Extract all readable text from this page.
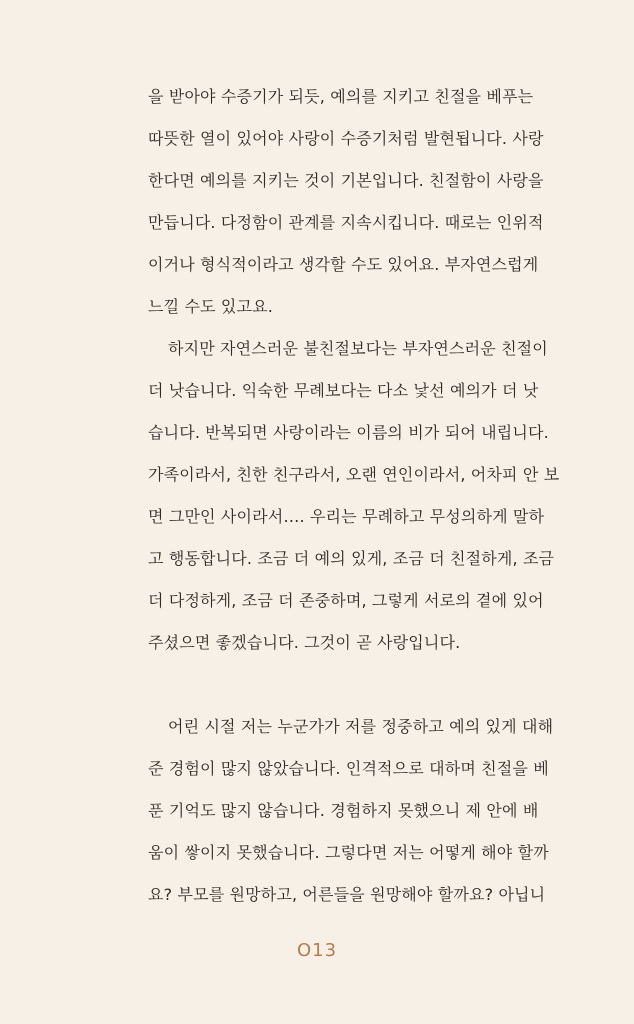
을 받아야 수증기가 되듯, 예의를 지키고 친절을 베푸는
따뜻한 열이 있어야 사랑이 수증기처럼 발현됩니다. 사랑
한다면 예의를 지키는 것이 기본입니다. 친절함이 사랑을
만듭니다. 다정함이 관계를 지속시킵니다. 때로는 인위적
이거나 형식적이라고 생각할 수도 있어요. 부자연스럽게
느낄 수도 있고요.
하지만 자연스러운 불친절보다는 부자연스러운 친절이
더 낫습니다. 익숙한 무례보다는 다소 낯선 예의가 더 낫
습니다. 반복되면 사랑이라는 이름의 비가 되어 내립니다.
가족이라서, 친한 친구라서, 오랜 연인이라서, 어차피 안 보
면 그만인 사이라서…. 우리는 무례하고 무성의하게 말하
고 행동합니다. 조금 더 예의 있게, 조금 더 친절하게, 조금
더 다정하게, 조금 더 존중하며, 그렇게 서로의 곁에 있어
주셨으면 좋겠습니다. 그것이 곧 사랑입니다.
어린 시절 저는 누군가가 저를 정중하고 예의 있게 대해
준 경험이 많지 않았습니다. 인격적으로 대하며 친절을 베
푼 기억도 많지 않습니다. 경험하지 못했으니 제 안에 배
움이 쌓이지 못했습니다. 그렇다면 저는 어떻게 해야 할까
요? 부모를 원망하고, 어른들을 원망해야 할까요? 아닙니
O13
